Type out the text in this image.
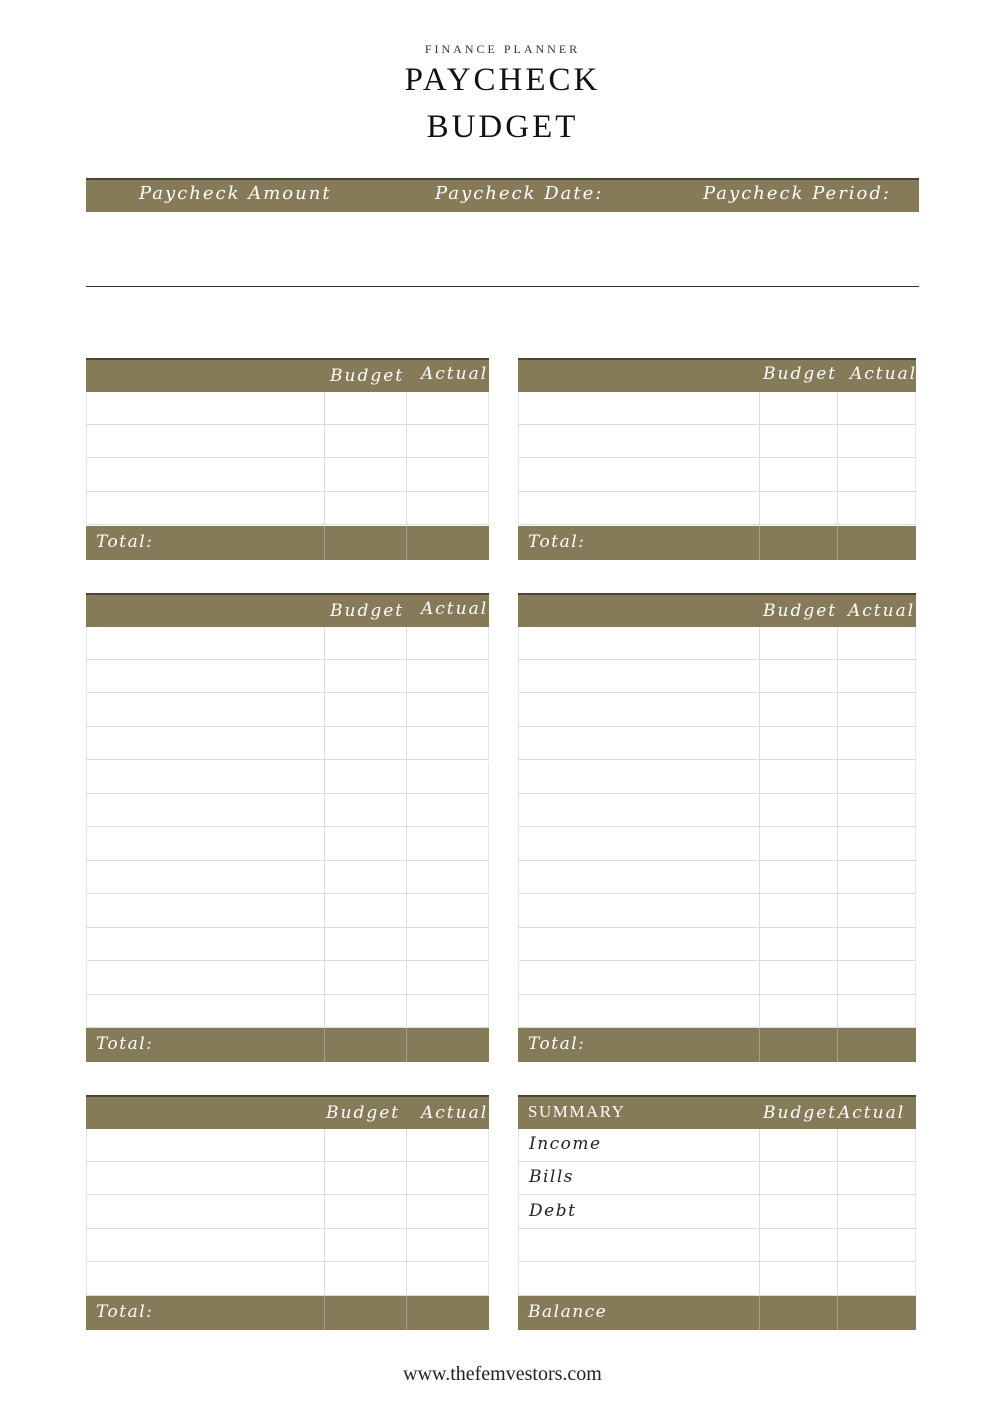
FINANCE PLANNER
PAYCHECK
BUDGET
Paycheck Amount	Paycheck Date:	Paycheck Period:
Budget Actual
Total:
Budget Actual
Total:
Budget Actual
Total:
Budget Actual
Total:
Budget Actual
Total:
SUMMARY	Budget Actual
Income
Bills
Debt
Balance
www.thefemvestors.com
